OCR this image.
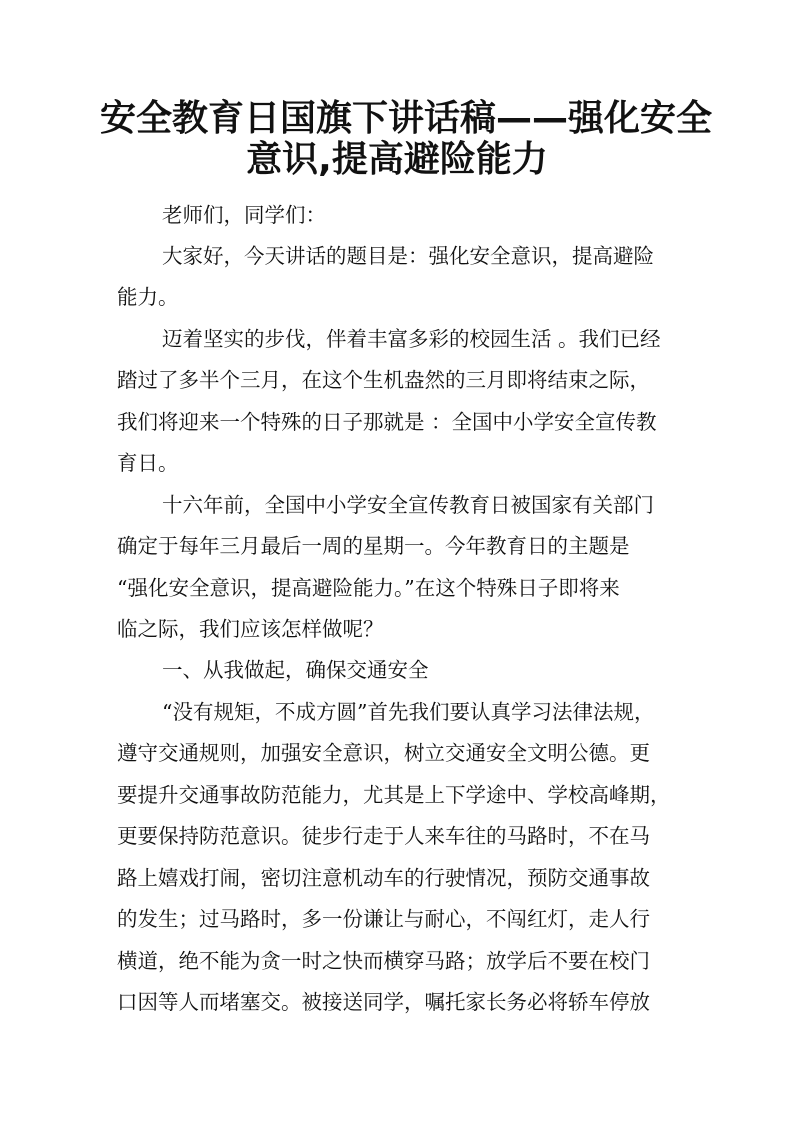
安全教育日国旗下讲话稿——强化安全
意识,提高避险能力
老师们，同学们：
大家好，今天讲话的题目是：强化安全意识，提高避险
能力。
迈着坚实的步伐，伴着丰富多彩的校园生活 。我们已经
踏过了多半个三月，在这个生机盎然的三月即将结束之际，
我们将迎来一个特殊的日子那就是 ：全国中小学安全宣传教
育日。
十六年前，全国中小学安全宣传教育日被国家有关部门
确定于每年三月最后一周的星期一。今年教育日的主题是
“强化安全意识，提高避险能力。”在这个特殊日子即将来
临之际，我们应该怎样做呢？
一、从我做起，确保交通安全
“没有规矩，不成方圆”首先我们要认真学习法律法规，
遵守交通规则，加强安全意识，树立交通安全文明公德。更
要提升交通事故防范能力，尤其是上下学途中、学校高峰期，
更要保持防范意识。徒步行走于人来车往的马路时，不在马
路上嬉戏打闹，密切注意机动车的行驶情况，预防交通事故
的发生；过马路时，多一份谦让与耐心，不闯红灯，走人行
横道，绝不能为贪一时之快而横穿马路；放学后不要在校门
口因等人而堵塞交。被接送同学，嘱托家长务必将轿车停放
